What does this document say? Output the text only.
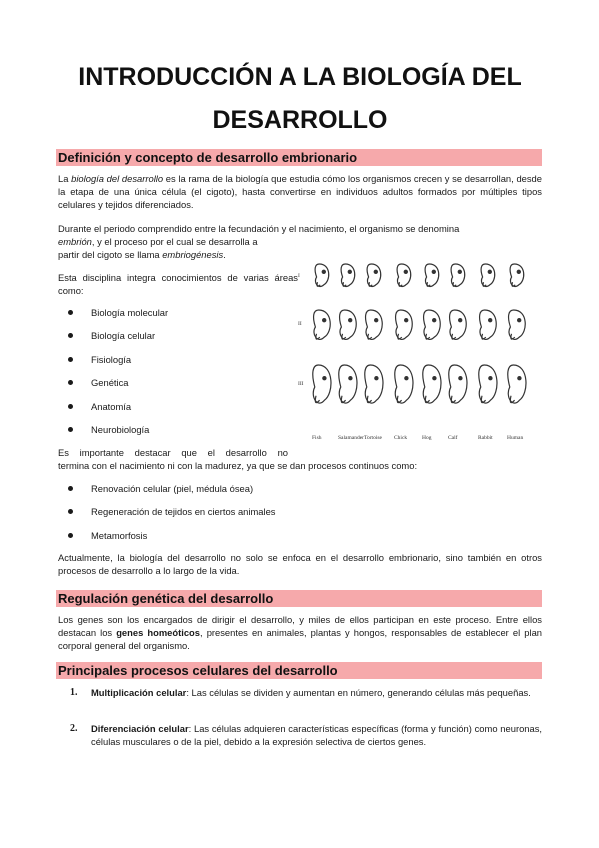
INTRODUCCIÓN A LA BIOLOGÍA DEL DESARROLLO
Definición y concepto de desarrollo embrionario
La biología del desarrollo es la rama de la biología que estudia cómo los organismos crecen y se desarrollan, desde la etapa de una única célula (el cigoto), hasta convertirse en individuos adultos formados por múltiples tipos celulares y tejidos diferenciados.
Durante el periodo comprendido entre la fecundación y el nacimiento, el organismo se denomina
embrión, y el proceso por el cual se desarrolla a
partir del cigoto se llama embriogénesis.
Esta disciplina integra conocimientos de varias áreas como:
Biología molecular
Biología celular
Fisiología
Genética
Anatomía
Neurobiología
Es importante destacar que el desarrollo no
termina con el nacimiento ni con la madurez, ya que se dan procesos continuos como:
Renovación celular (piel, médula ósea)
Regeneración de tejidos en ciertos animales
Metamorfosis
Actualmente, la biología del desarrollo no solo se enfoca en el desarrollo embrionario, sino también en otros procesos de desarrollo a lo largo de la vida.
I
II
III
Fish	Salamander Tortoise Chick	Hog	Calf	Rabbit	Human
Regulación genética del desarrollo
Los genes son los encargados de dirigir el desarrollo, y miles de ellos participan en este proceso. Entre ellos destacan los genes homeóticos, presentes en animales, plantas y hongos, responsables de establecer el plan corporal general del organismo.
Principales procesos celulares del desarrollo
1. Multiplicación celular: Las células se dividen y aumentan en número, generando células más pequeñas.
2. Diferenciación celular: Las células adquieren características específicas (forma y función) como neuronas, células musculares o de la piel, debido a la expresión selectiva de ciertos genes.
